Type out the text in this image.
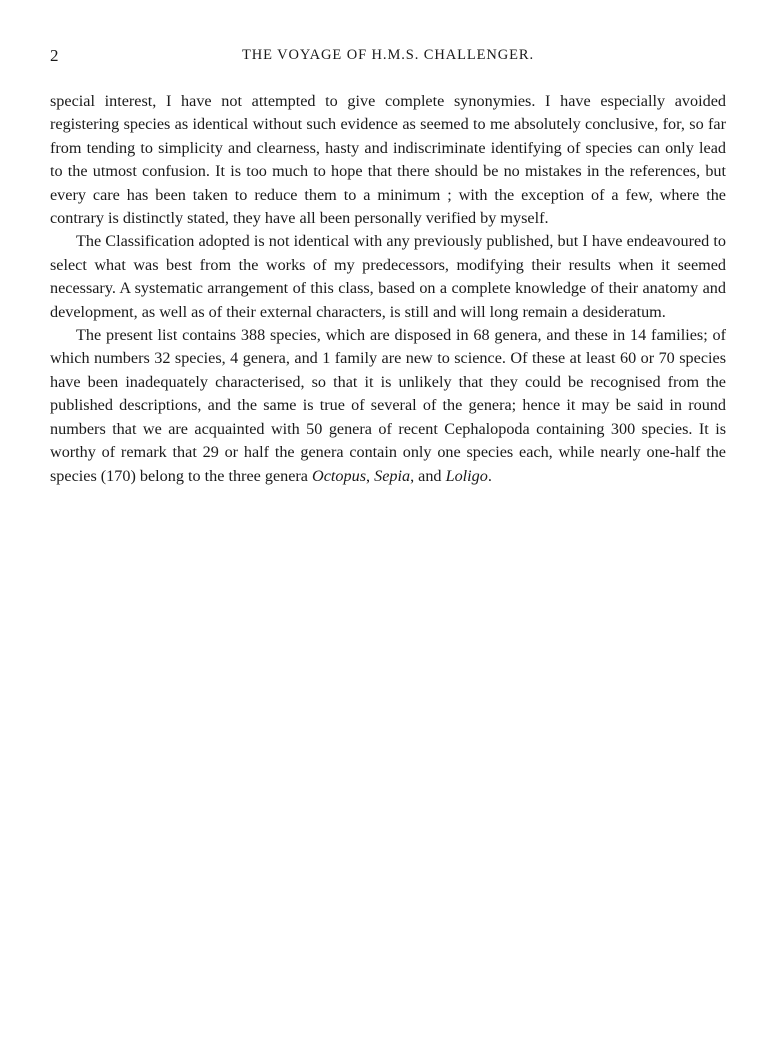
2	THE VOYAGE OF H.M.S. CHALLENGER.

special interest, I have not attempted to give complete synonymies. I have especially avoided registering species as identical without such evidence as seemed to me absolutely conclusive, for, so far from tending to simplicity and clearness, hasty and indiscriminate identifying of species can only lead to the utmost confusion. It is too much to hope that there should be no mistakes in the references, but every care has been taken to reduce them to a minimum ; with the exception of a few, where the contrary is distinctly stated, they have all been personally verified by myself.

The Classification adopted is not identical with any previously published, but I have endeavoured to select what was best from the works of my predecessors, modifying their results when it seemed necessary. A systematic arrangement of this class, based on a complete knowledge of their anatomy and development, as well as of their external characters, is still and will long remain a desideratum.

The present list contains 388 species, which are disposed in 68 genera, and these in 14 families; of which numbers 32 species, 4 genera, and 1 family are new to science. Of these at least 60 or 70 species have been inadequately characterised, so that it is unlikely that they could be recognised from the published descriptions, and the same is true of several of the genera; hence it may be said in round numbers that we are acquainted with 50 genera of recent Cephalopoda containing 300 species. It is worthy of remark that 29 or half the genera contain only one species each, while nearly one-half the species (170) belong to the three genera Octopus, Sepia, and Loligo.
